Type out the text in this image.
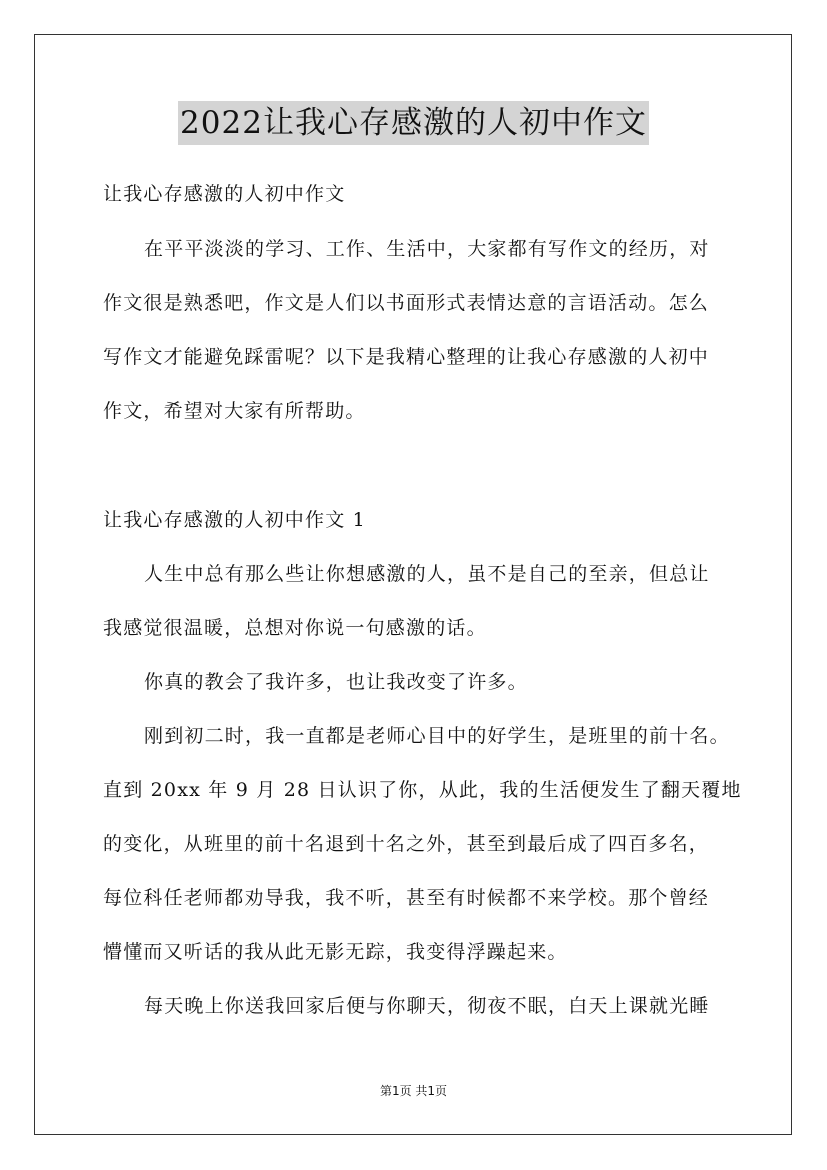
2022让我心存感激的人初中作文
让我心存感激的人初中作文
在平平淡淡的学习、工作、生活中，大家都有写作文的经历，对
作文很是熟悉吧，作文是人们以书面形式表情达意的言语活动。怎么
写作文才能避免踩雷呢？以下是我精心整理的让我心存感激的人初中
作文，希望对大家有所帮助。
让我心存感激的人初中作文 1
人生中总有那么些让你想感激的人，虽不是自己的至亲，但总让
我感觉很温暖，总想对你说一句感激的话。
你真的教会了我许多，也让我改变了许多。
刚到初二时，我一直都是老师心目中的好学生，是班里的前十名。
直到 20xx 年 9 月 28 日认识了你，从此，我的生活便发生了翻天覆地
的变化，从班里的前十名退到十名之外，甚至到最后成了四百多名，
每位科任老师都劝导我，我不听，甚至有时候都不来学校。那个曾经
懵懂而又听话的我从此无影无踪，我变得浮躁起来。
每天晚上你送我回家后便与你聊天，彻夜不眠，白天上课就光睡
第1页 共1页
